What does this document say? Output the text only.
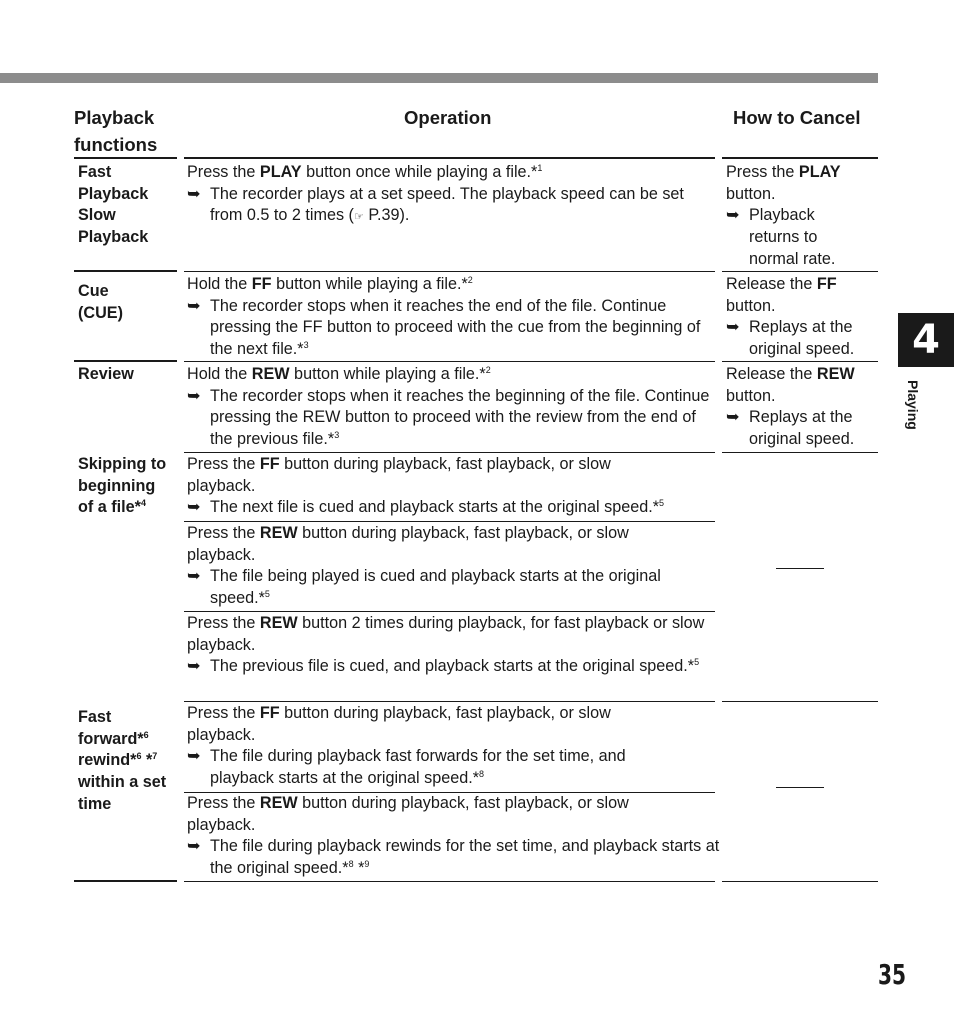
Playback functions
Operation	How to Cancel
Fast
Playback
Slow
Playback
Press the PLAY button once while playing a file.*$^1$
➥ The recorder plays at a set speed. The playback speed can be set from 0.5 to 2 times (☞ P.39).
Press the PLAY
button.
➥ Playback returns to normal rate.
Cue
(CUE)
Hold the FF button while playing a file.*$^2$
➥ The recorder stops when it reaches the end of the file. Continue pressing the FF button to proceed with the cue from the beginning of the next file.*$^3$
Release the FF
button.
➥ Replays at the original speed.
Review	Hold the REW button while playing a file.*$^2$
➥ The recorder stops when it reaches the beginning of the file. Continue pressing the REW button to proceed with the review from the end of the previous file.*$^3$
Release the REW
button.
➥ Replays at the original speed.
Skipping to
beginning
of a file*$^4$
Press the FF button during playback, fast playback, or slow playback.
➥ The next file is cued and playback starts at the original speed.*$^5$
Press the REW button during playback, fast playback, or slow playback.
➥ The file being played is cued and playback starts at the original speed.*$^5$
Press the REW button 2 times during playback, for fast playback or slow playback.
➥ The previous file is cued, and playback starts at the original speed.*$^5$
Fast
forward*$^6$
rewind*$^6$ *$^7$
within a set
time
Press the FF button during playback, fast playback, or slow playback.
➥ The file during playback fast forwards for the set time, and playback starts at the original speed.*$^8$
Press the REW button during playback, fast playback, or slow playback.
➥ The file during playback rewinds for the set time, and playback starts at the original speed.*$^8$ *$^9$
4
Playing
35
